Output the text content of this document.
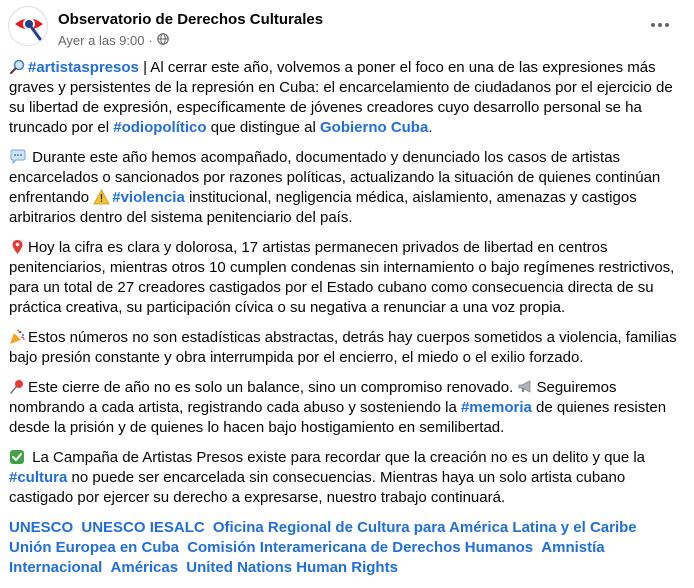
Observatorio de Derechos Culturales
Ayer a las 9:00 ·

#artistaspresos | Al cerrar este año, volvemos a poner el foco en una de las expresiones más graves y persistentes de la represión en Cuba: el encarcelamiento de ciudadanos por el ejercicio de su libertad de expresión, específicamente de jóvenes creadores cuyo desarrollo personal se ha truncado por el #odiopolítico que distingue al Gobierno Cuba.

Durante este año hemos acompañado, documentado y denunciado los casos de artistas encarcelados o sancionados por razones políticas, actualizando la situación de quienes continúan enfrentando #violencia institucional, negligencia médica, aislamiento, amenazas y castigos arbitrarios dentro del sistema penitenciario del país.

Hoy la cifra es clara y dolorosa, 17 artistas permanecen privados de libertad en centros penitenciarios, mientras otros 10 cumplen condenas sin internamiento o bajo regímenes restrictivos, para un total de 27 creadores castigados por el Estado cubano como consecuencia directa de su práctica creativa, su participación cívica o su negativa a renunciar a una voz propia.

Estos números no son estadísticas abstractas, detrás hay cuerpos sometidos a violencia, familias bajo presión constante y obra interrumpida por el encierro, el miedo o el exilio forzado.

Este cierre de año no es solo un balance, sino un compromiso renovado. Seguiremos nombrando a cada artista, registrando cada abuso y sosteniendo la #memoria de quienes resisten desde la prisión y de quienes lo hacen bajo hostigamiento en semilibertad.

La Campaña de Artistas Presos existe para recordar que la creación no es un delito y que la #cultura no puede ser encarcelada sin consecuencias. Mientras haya un solo artista cubano castigado por ejercer su derecho a expresarse, nuestro trabajo continuará.

UNESCO UNESCO IESALC Oficina Regional de Cultura para América Latina y el Caribe Unión Europea en Cuba Comisión Interamericana de Derechos Humanos Amnistía Internacional Américas United Nations Human Rights
